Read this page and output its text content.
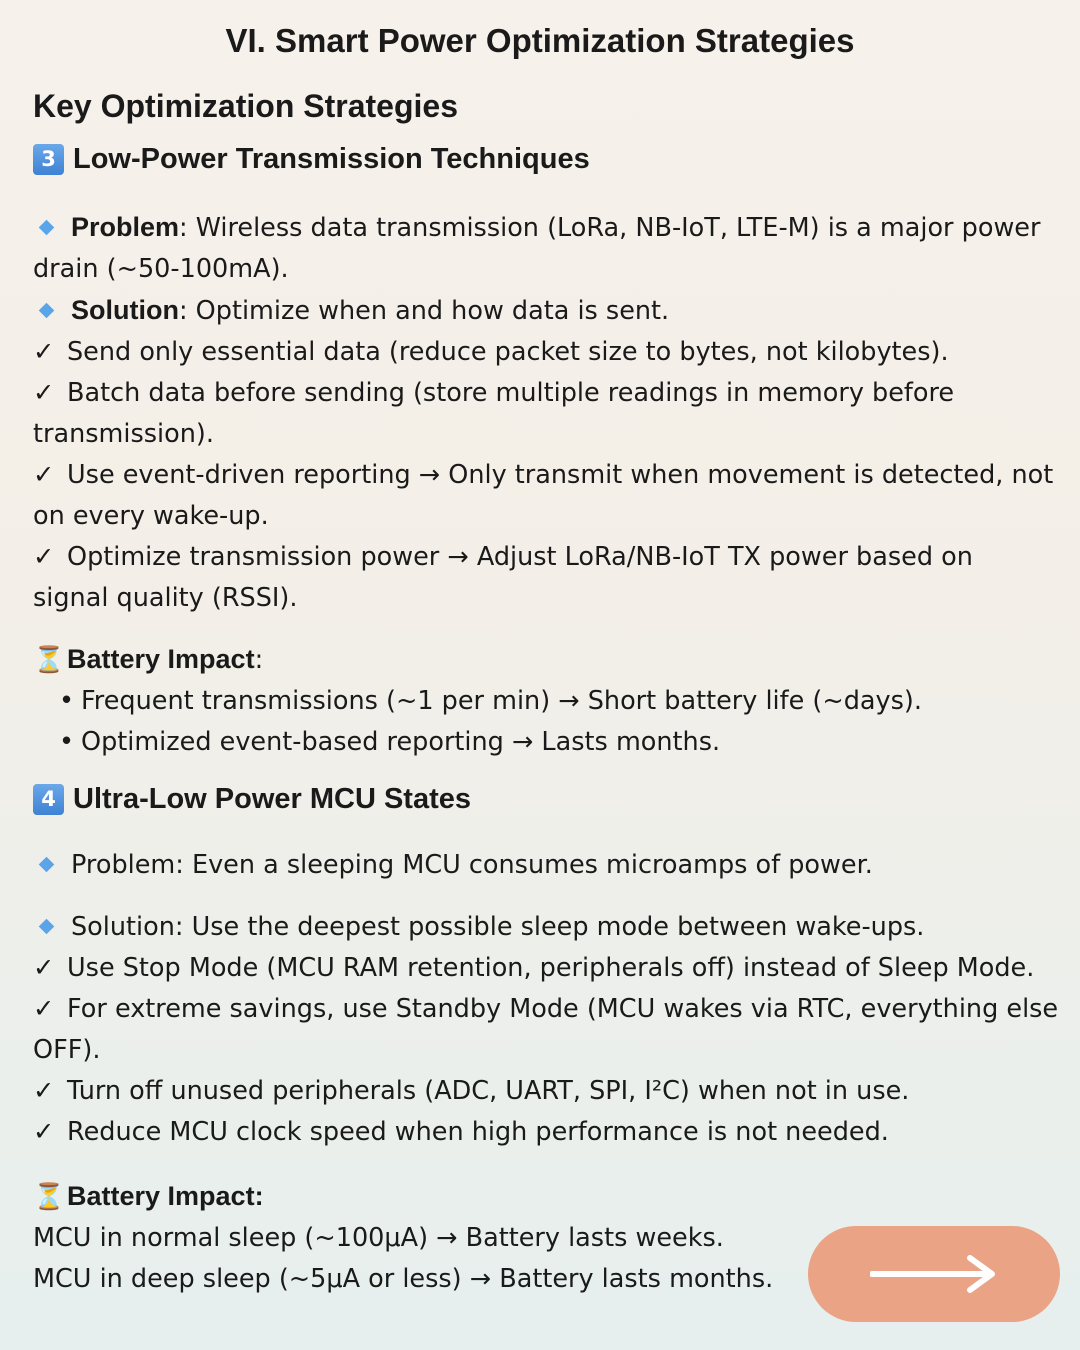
VI. Smart Power Optimization Strategies
Key Optimization Strategies
3 Low-Power Transmission Techniques

Problem: Wireless data transmission (LoRa, NB-IoT, LTE-M) is a major power

drain (~50-100mA).

Solution: Optimize when and how data is sent.

✓ Send only essential data (reduce packet size to bytes, not kilobytes).

✓ Batch data before sending (store multiple readings in memory before

transmission).

✓ Use event-driven reporting → Only transmit when movement is detected, not

on every wake-up.

✓ Optimize transmission power → Adjust LoRa/NB-IoT TX power based on

signal quality (RSSI).

⏳Battery Impact:

• Frequent transmissions (~1 per min) → Short battery life (~days).

• Optimized event-based reporting → Lasts months.

4 Ultra-Low Power MCU States

Problem: Even a sleeping MCU consumes microamps of power.

Solution: Use the deepest possible sleep mode between wake-ups.

✓ Use Stop Mode (MCU RAM retention, peripherals off) instead of Sleep Mode.

✓ For extreme savings, use Standby Mode (MCU wakes via RTC, everything else

OFF).

✓ Turn off unused peripherals (ADC, UART, SPI, I²C) when not in use.

✓ Reduce MCU clock speed when high performance is not needed.

⏳Battery Impact:

MCU in normal sleep (~100μA) → Battery lasts weeks.

MCU in deep sleep (~5μA or less) → Battery lasts months.
